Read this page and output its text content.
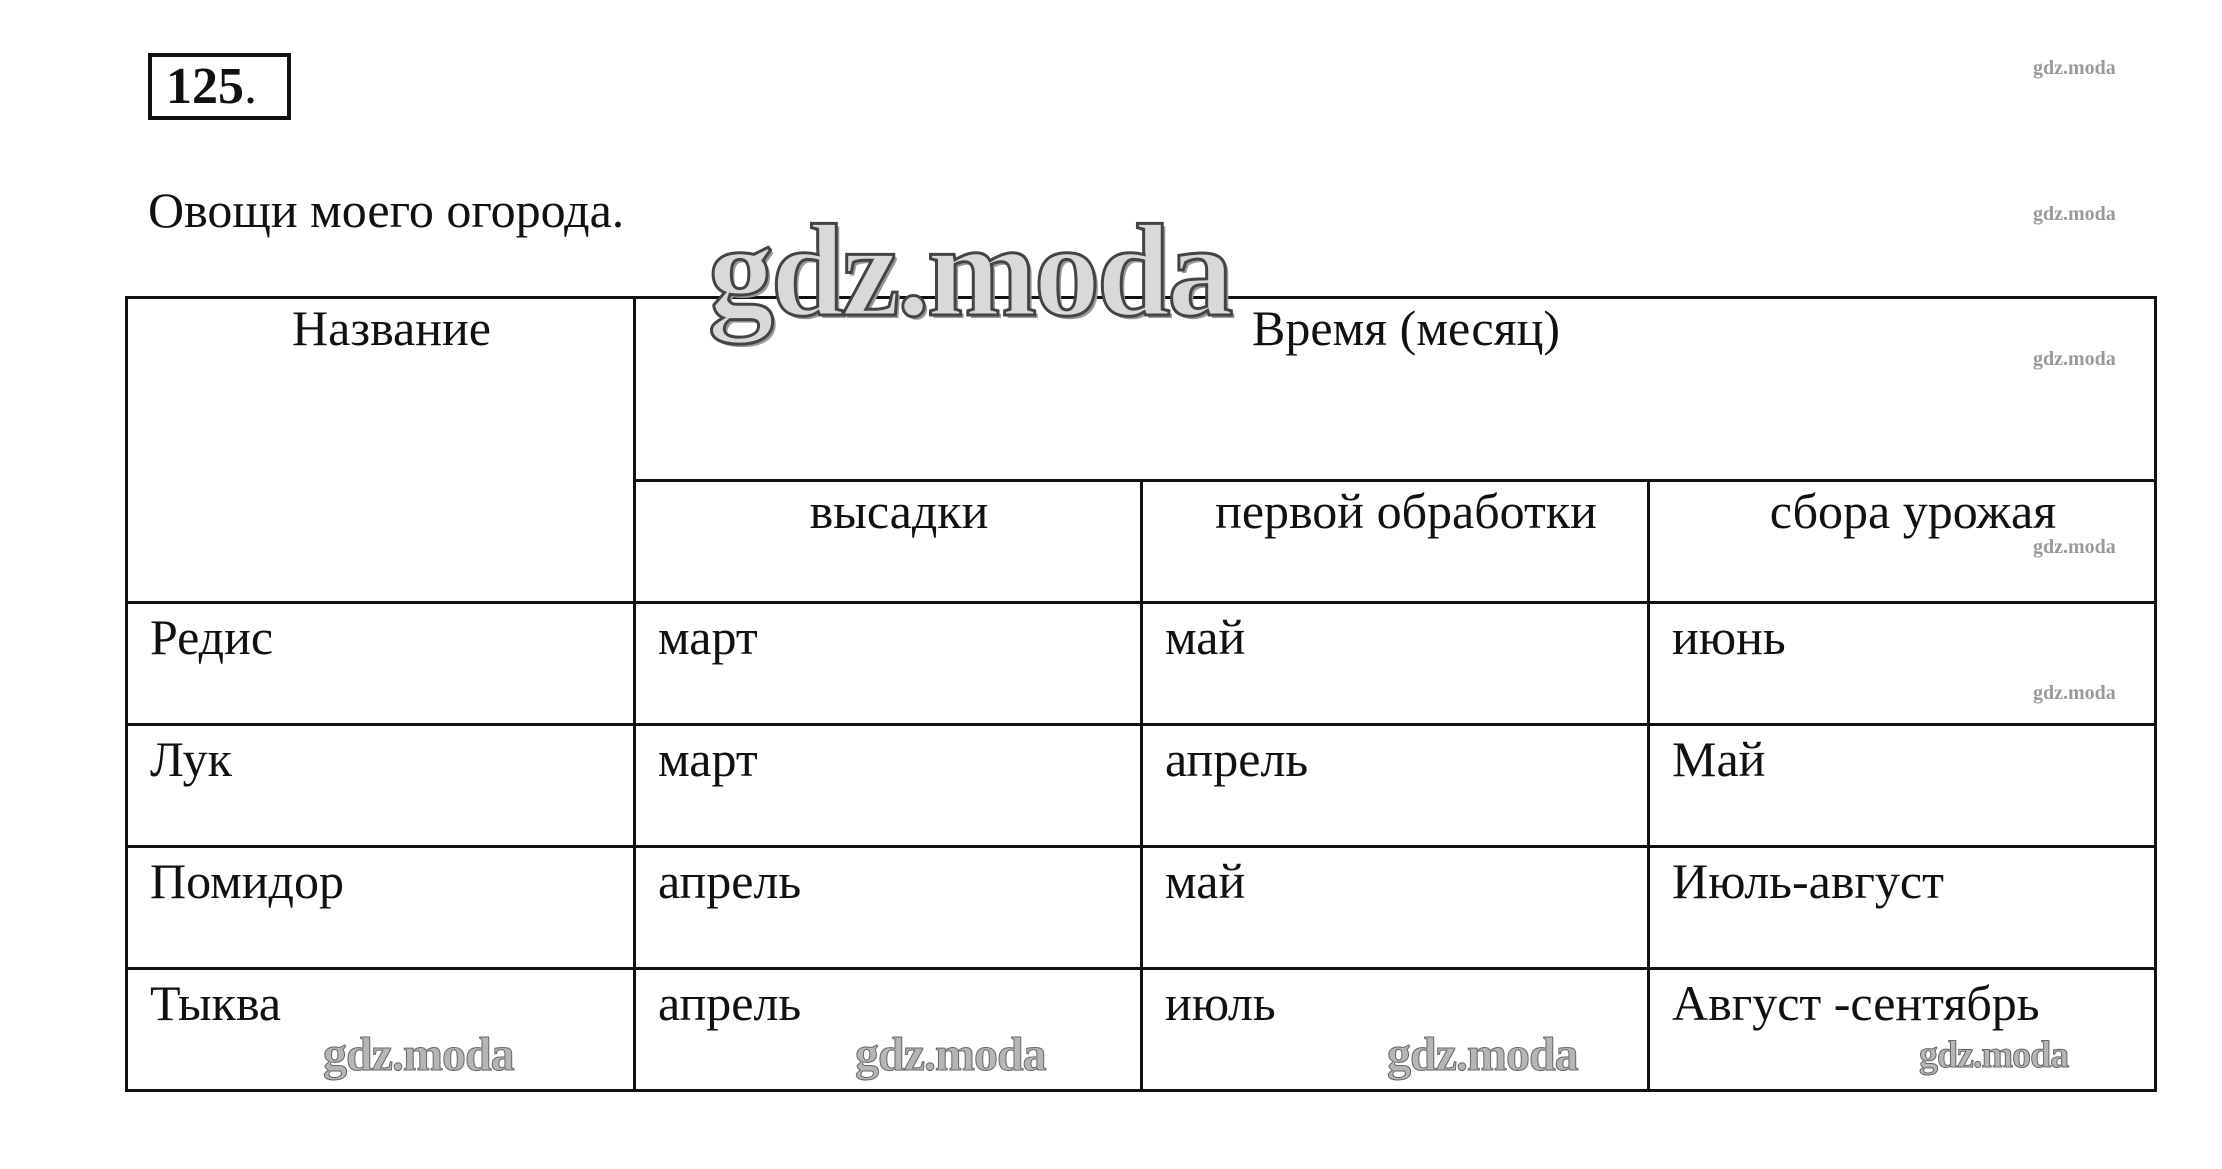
125.
Овощи моего огорода.
Название	Время (месяц)		
	высадки	первой обработки	сбора урожая
Редис	март	май	июнь
Лук	март	апрель	Май
Помидор	апрель	май	Июль-август
Тыква	апрель	июль	Август -сентябрь
gdz.moda
gdz.moda
gdz.moda
gdz.moda
gdz.moda
gdz.moda
gdz.moda	gdz.moda	gdz.moda	gdz.moda
